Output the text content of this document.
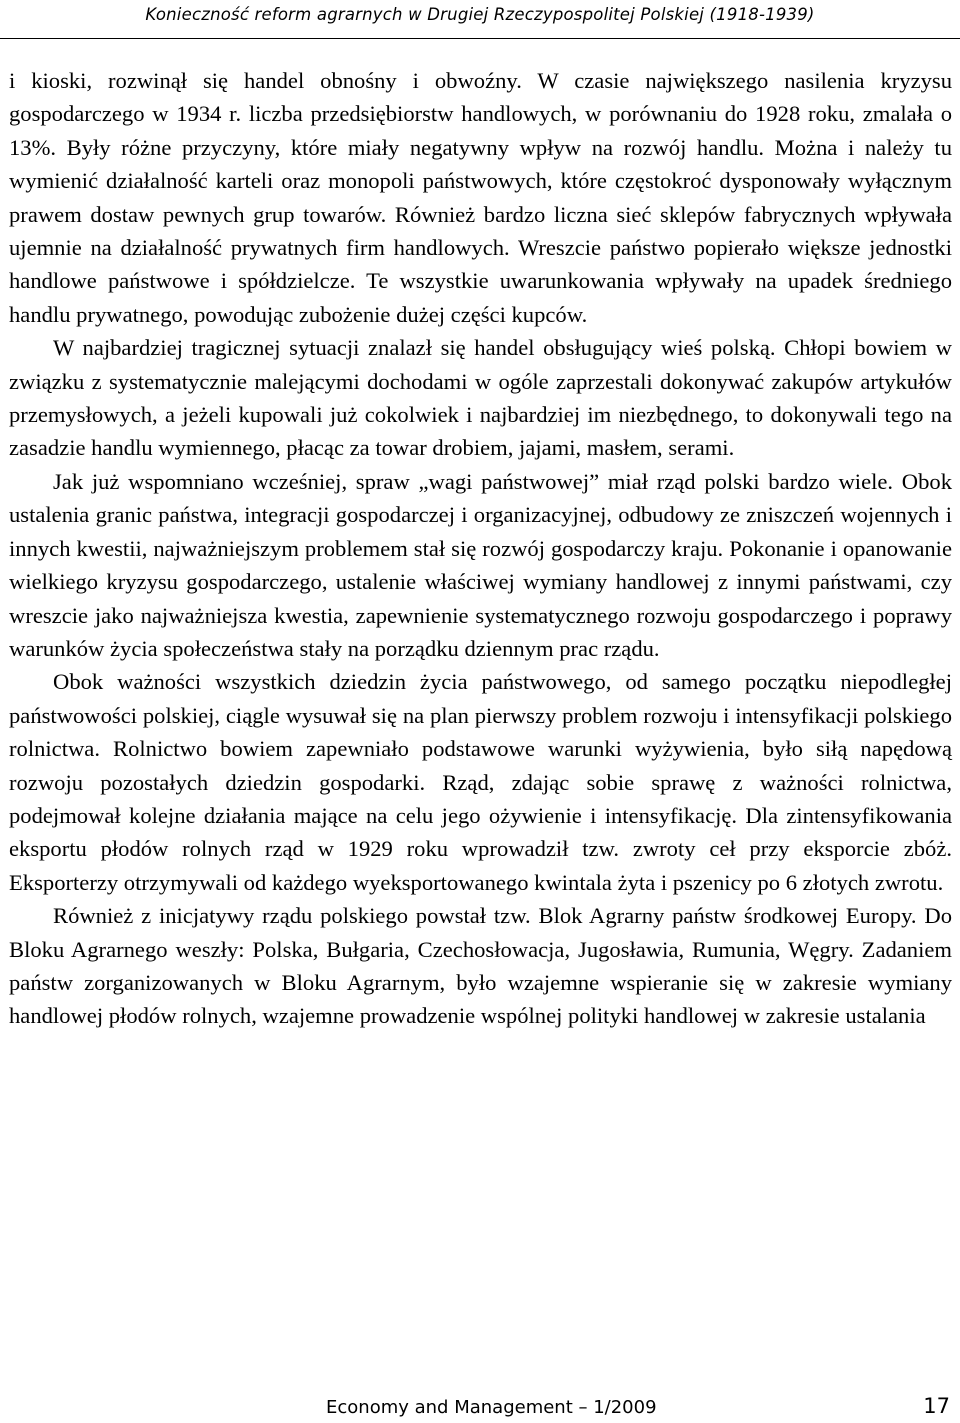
Konieczność reform agrarnych w Drugiej Rzeczypospolitej Polskiej (1918-1939)

i kioski, rozwinął się handel obnośny i obwoźny. W czasie największego nasilenia kryzysu gospodarczego w 1934 r. liczba przedsiębiorstw handlowych, w porównaniu do 1928 roku, zmalała o 13%. Były różne przyczyny, które miały negatywny wpływ na rozwój handlu. Można i należy tu wymienić działalność karteli oraz monopoli państwowych, które częstokroć dysponowały wyłącznym prawem dostaw pewnych grup towarów. Również bardzo liczna sieć sklepów fabrycznych wpływała ujemnie na działalność prywatnych firm handlowych. Wreszcie państwo popierało większe jednostki handlowe państwowe i spółdzielcze. Te wszystkie uwarunkowania wpływały na upadek średniego handlu prywatnego, powodując zubożenie dużej części kupców.

W najbardziej tragicznej sytuacji znalazł się handel obsługujący wieś polską. Chłopi bowiem w związku z systematycznie malejącymi dochodami w ogóle zaprzestali dokonywać zakupów artykułów przemysłowych, a jeżeli kupowali już cokolwiek i najbardziej im niezbędnego, to dokonywali tego na zasadzie handlu wymiennego, płacąc za towar drobiem, jajami, masłem, serami.

Jak już wspomniano wcześniej, spraw „wagi państwowej” miał rząd polski bardzo wiele. Obok ustalenia granic państwa, integracji gospodarczej i organizacyjnej, odbudowy ze zniszczeń wojennych i innych kwestii, najważniejszym problemem stał się rozwój gospodarczy kraju. Pokonanie i opanowanie wielkiego kryzysu gospodarczego, ustalenie właściwej wymiany handlowej z innymi państwami, czy wreszcie jako najważniejsza kwestia, zapewnienie systematycznego rozwoju gospodarczego i poprawy warunków życia społeczeństwa stały na porządku dziennym prac rządu.

Obok ważności wszystkich dziedzin życia państwowego, od samego początku niepodległej państwowości polskiej, ciągle wysuwał się na plan pierwszy problem rozwoju i intensyfikacji polskiego rolnictwa. Rolnictwo bowiem zapewniało podstawowe warunki wyżywienia, było siłą napędową rozwoju pozostałych dziedzin gospodarki. Rząd, zdając sobie sprawę z ważności rolnictwa, podejmował kolejne działania mające na celu jego ożywienie i intensyfikację. Dla zintensyfikowania eksportu płodów rolnych rząd w 1929 roku wprowadził tzw. zwroty ceł przy eksporcie zbóż. Eksporterzy otrzymywali od każdego wyeksportowanego kwintala żyta i pszenicy po 6 złotych zwrotu.

Również z inicjatywy rządu polskiego powstał tzw. Blok Agrarny państw środkowej Europy. Do Bloku Agrarnego weszły: Polska, Bułgaria, Czechosłowacja, Jugosławia, Rumunia, Węgry. Zadaniem państw zorganizowanych w Bloku Agrarnym, było wzajemne wspieranie się w zakresie wymiany handlowej płodów rolnych, wzajemne prowadzenie wspólnej polityki handlowej w zakresie ustalania

Economy and Management – 1/2009	17
